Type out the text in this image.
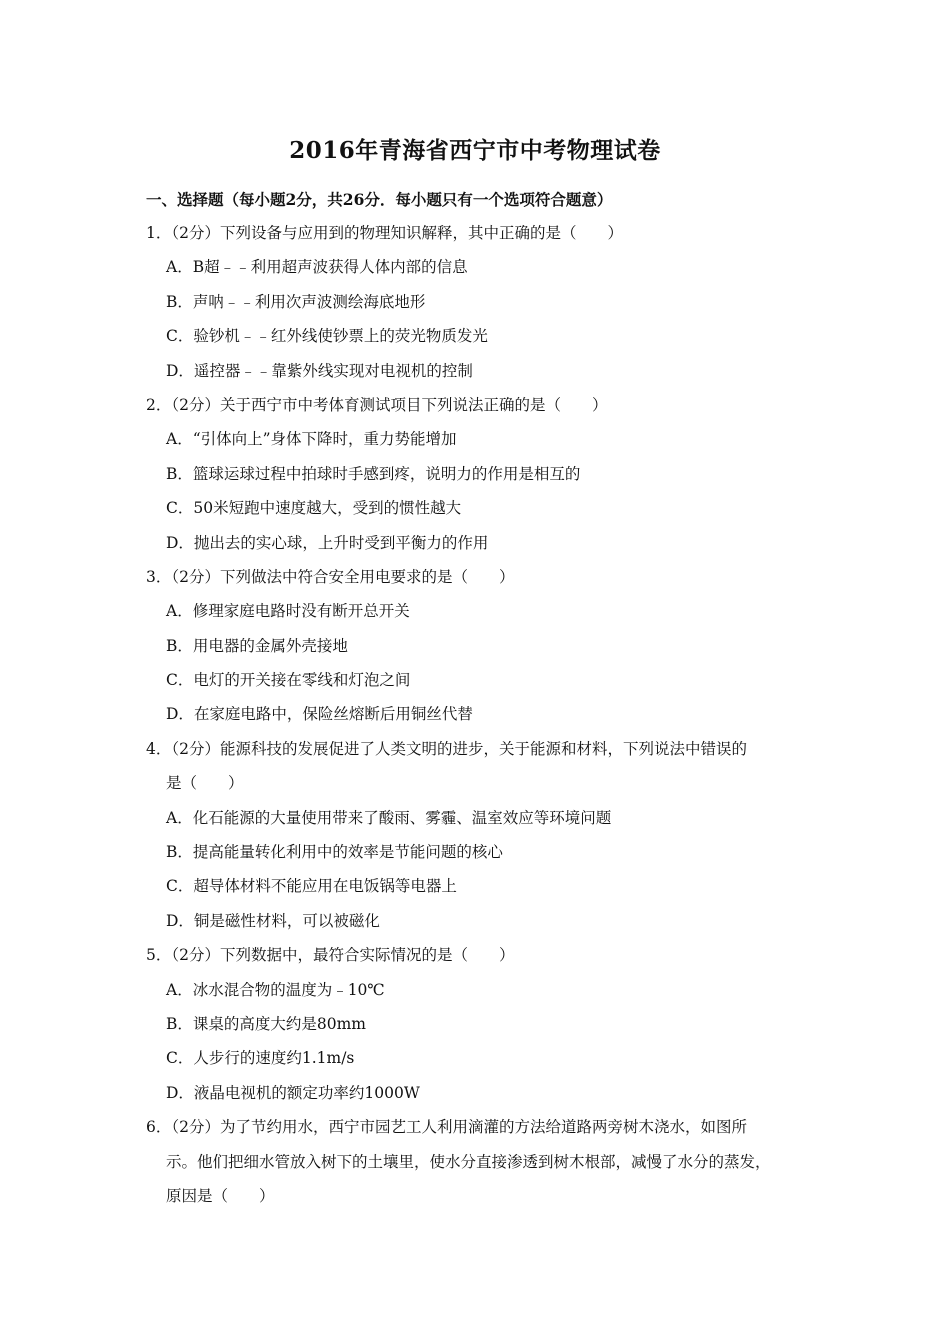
2016年青海省西宁市中考物理试卷
一、选择题（每小题2分，共26分．每小题只有一个选项符合题意）
1．（2分）下列设备与应用到的物理知识解释，其中正确的是（　　）
A．B超﹣﹣利用超声波获得人体内部的信息
B．声呐﹣﹣利用次声波测绘海底地形
C．验钞机﹣﹣红外线使钞票上的荧光物质发光
D．遥控器﹣﹣靠紫外线实现对电视机的控制
2．（2分）关于西宁市中考体育测试项目下列说法正确的是（　　）
A．“引体向上”身体下降时，重力势能增加
B．篮球运球过程中拍球时手感到疼，说明力的作用是相互的
C．50米短跑中速度越大，受到的惯性越大
D．抛出去的实心球，上升时受到平衡力的作用
3．（2分）下列做法中符合安全用电要求的是（　　）
A．修理家庭电路时没有断开总开关
B．用电器的金属外壳接地
C．电灯的开关接在零线和灯泡之间
D．在家庭电路中，保险丝熔断后用铜丝代替
4．（2分）能源科技的发展促进了人类文明的进步，关于能源和材料，下列说法中错误的
是（　　）
A．化石能源的大量使用带来了酸雨、雾霾、温室效应等环境问题
B．提高能量转化利用中的效率是节能问题的核心
C．超导体材料不能应用在电饭锅等电器上
D．铜是磁性材料，可以被磁化
5．（2分）下列数据中，最符合实际情况的是（　　）
A．冰水混合物的温度为﹣10℃
B．课桌的高度大约是80mm
C．人步行的速度约1.1m/s
D．液晶电视机的额定功率约1000W
6．（2分）为了节约用水，西宁市园艺工人利用滴灌的方法给道路两旁树木浇水，如图所
示。他们把细水管放入树下的土壤里，使水分直接渗透到树木根部，减慢了水分的蒸发，
原因是（　　）
